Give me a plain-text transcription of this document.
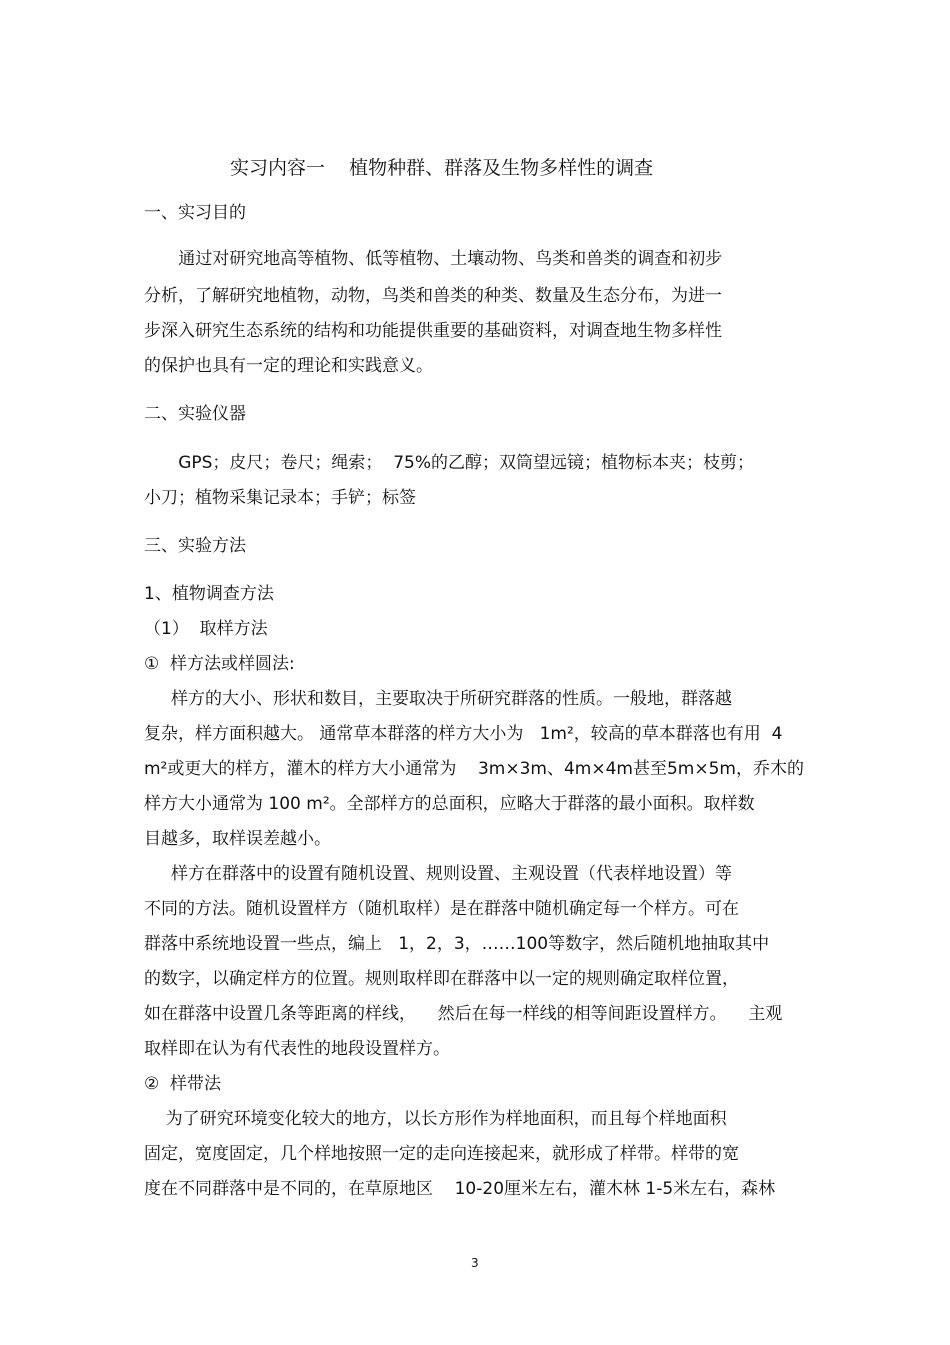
实习内容一    植物种群、群落及生物多样性的调查
一、实习目的
通过对研究地高等植物、低等植物、土壤动物、鸟类和兽类的调查和初步
分析，了解研究地植物，动物，鸟类和兽类的种类、数量及生态分布，为进一
步深入研究生态系统的结构和功能提供重要的基础资料，对调查地生物多样性
的保护也具有一定的理论和实践意义。
二、实验仪器
GPS；皮尺；卷尺；绳索；  75%的乙醇；双筒望远镜；植物标本夹；枝剪；
小刀；植物采集记录本；手铲；标签
三、实验方法
1、植物调查方法
（1）  取样方法
①  样方法或样圆法:
样方的大小、形状和数目，主要取决于所研究群落的性质。一般地，群落越
复杂，样方面积越大。 通常草本群落的样方大小为   1m²，较高的草本群落也有用  4
m²或更大的样方，灌木的样方大小通常为    3m×3m、4m×4m甚至5m×5m，乔木的
样方大小通常为 100 m²。全部样方的总面积，应略大于群落的最小面积。取样数
目越多，取样误差越小。
样方在群落中的设置有随机设置、规则设置、主观设置（代表样地设置）等
不同的方法。随机设置样方（随机取样）是在群落中随机确定每一个样方。可在
群落中系统地设置一些点，编上   1，2，3，……100等数字，然后随机地抽取其中
的数字，以确定样方的位置。规则取样即在群落中以一定的规则确定取样位置，
如在群落中设置几条等距离的样线，    然后在每一样线的相等间距设置样方。    主观
取样即在认为有代表性的地段设置样方。
②  样带法
为了研究环境变化较大的地方，以长方形作为样地面积，而且每个样地面积
固定，宽度固定，几个样地按照一定的走向连接起来，就形成了样带。样带的宽
度在不同群落中是不同的，在草原地区    10-20厘米左右，灌木林 1-5米左右，森林
3
